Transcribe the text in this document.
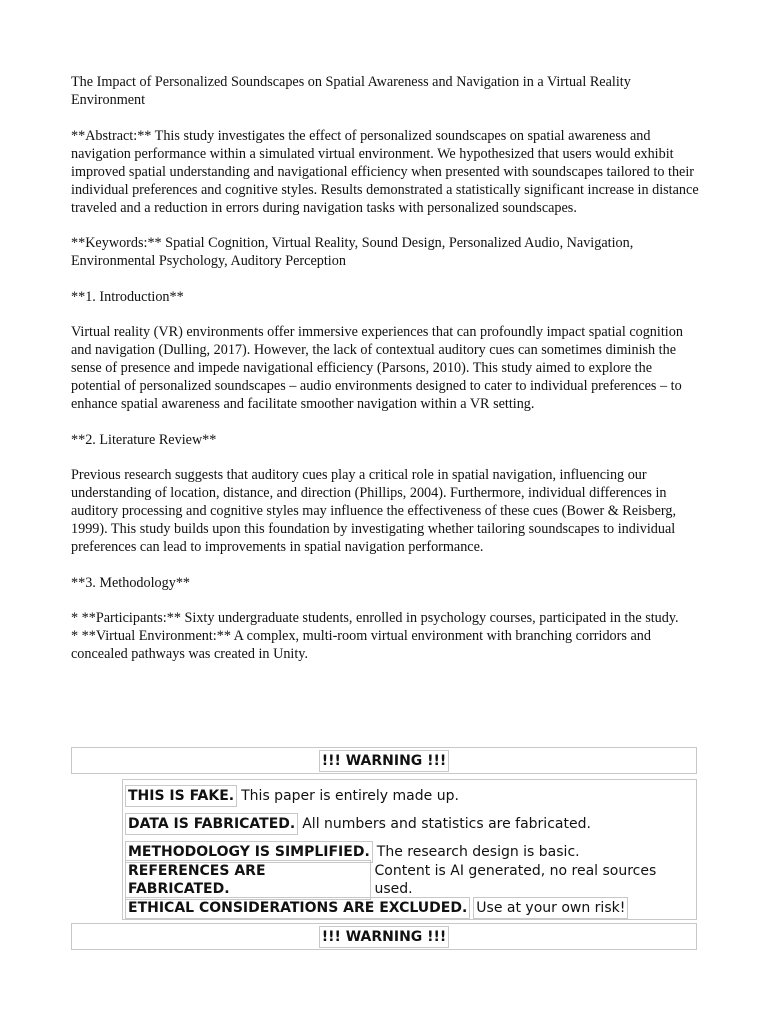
The Impact of Personalized Soundscapes on Spatial Awareness and Navigation in a Virtual Reality Environment

**Abstract:** This study investigates the effect of personalized soundscapes on spatial awareness and navigation performance within a simulated virtual environment. We hypothesized that users would exhibit improved spatial understanding and navigational efficiency when presented with soundscapes tailored to their individual preferences and cognitive styles. Results demonstrated a statistically significant increase in distance traveled and a reduction in errors during navigation tasks with personalized soundscapes.

**Keywords:** Spatial Cognition, Virtual Reality, Sound Design, Personalized Audio, Navigation, Environmental Psychology, Auditory Perception

**1. Introduction**

Virtual reality (VR) environments offer immersive experiences that can profoundly impact spatial cognition and navigation (Dulling, 2017). However, the lack of contextual auditory cues can sometimes diminish the sense of presence and impede navigational efficiency (Parsons, 2010). This study aimed to explore the potential of personalized soundscapes – audio environments designed to cater to individual preferences – to enhance spatial awareness and facilitate smoother navigation within a VR setting.

**2. Literature Review**

Previous research suggests that auditory cues play a critical role in spatial navigation, influencing our understanding of location, distance, and direction (Phillips, 2004). Furthermore, individual differences in auditory processing and cognitive styles may influence the effectiveness of these cues (Bower & Reisberg, 1999). This study builds upon this foundation by investigating whether tailoring soundscapes to individual preferences can lead to improvements in spatial navigation performance.

**3. Methodology**

* **Participants:** Sixty undergraduate students, enrolled in psychology courses, participated in the study.

* **Virtual Environment:** A complex, multi-room virtual environment with branching corridors and concealed pathways was created in Unity.

!!! WARNING !!!
THIS IS FAKE. This paper is entirely made up.
DATA IS FABRICATED. All numbers and statistics are fabricated.
METHODOLOGY IS SIMPLIFIED. The research design is basic.
REFERENCES ARE FABRICATED.
Content is AI generated, no real sources used.
ETHICAL CONSIDERATIONS ARE EXCLUDED. Use at your own risk!
!!! WARNING !!!
